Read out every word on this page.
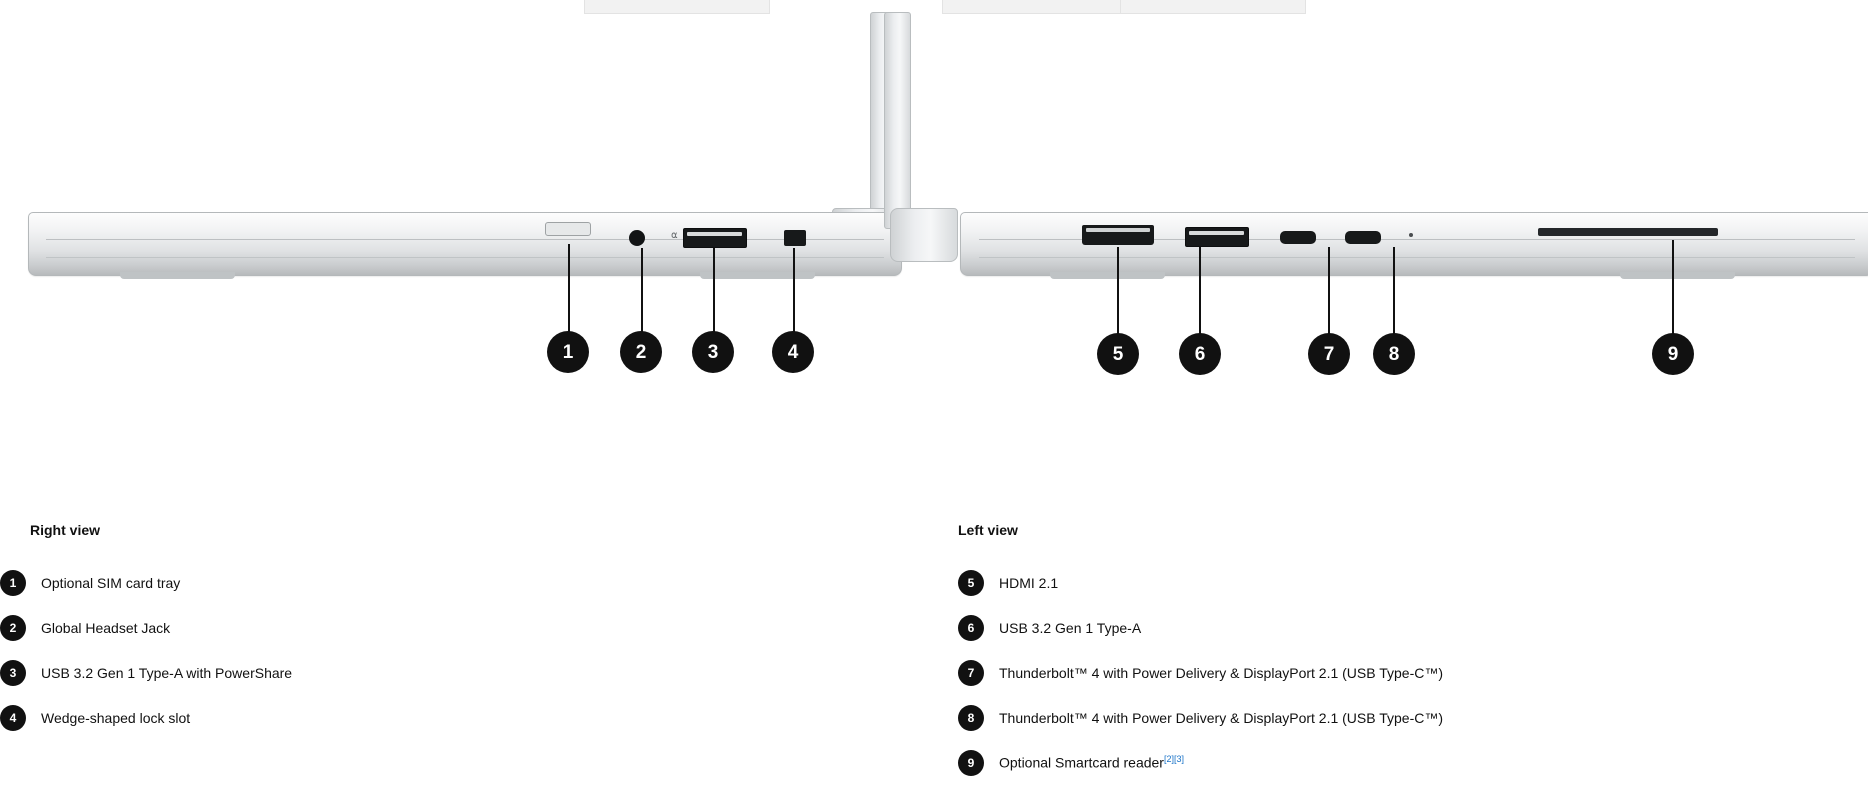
⍺
1	2	3	4	5	6	7	8	9
Right view
1	Optional SIM card tray
2	Global Headset Jack
3	USB 3.2 Gen 1 Type-A with PowerShare
4	Wedge-shaped lock slot
Left view
5	HDMI 2.1
6	USB 3.2 Gen 1 Type-A
7	Thunderbolt™ 4 with Power Delivery & DisplayPort 2.1 (USB Type-C™)
8	Thunderbolt™ 4 with Power Delivery & DisplayPort 2.1 (USB Type-C™)
9	Optional Smartcard reader[2][3]
